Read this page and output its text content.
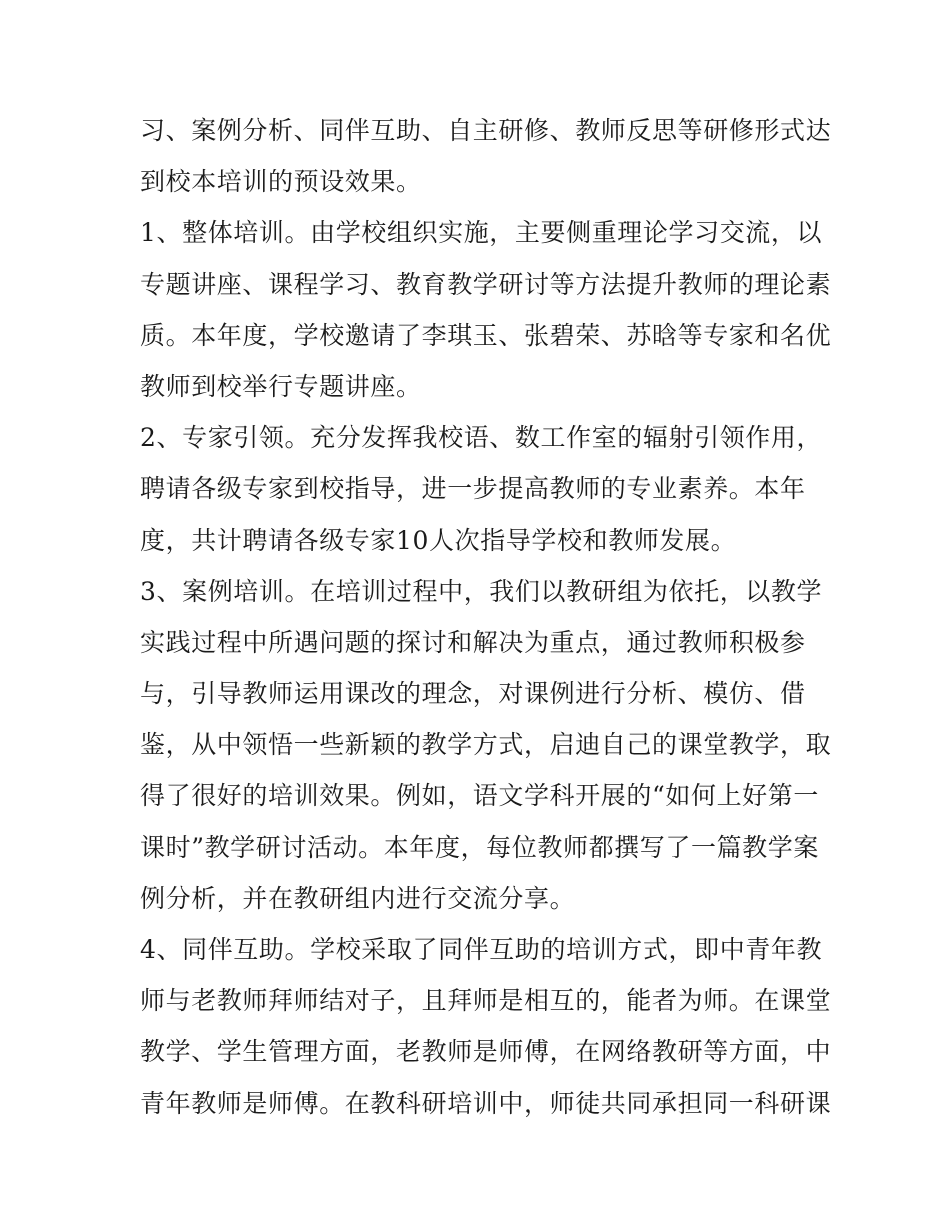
习、案例分析、同伴互助、自主研修、教师反思等研修形式达
到校本培训的预设效果。
1、整体培训。由学校组织实施，主要侧重理论学习交流，以
专题讲座、课程学习、教育教学研讨等方法提升教师的理论素
质。本年度，学校邀请了李琪玉、张碧荣、苏晗等专家和名优
教师到校举行专题讲座。
2、专家引领。充分发挥我校语、数工作室的辐射引领作用，
聘请各级专家到校指导，进一步提高教师的专业素养。本年
度，共计聘请各级专家10人次指导学校和教师发展。
3、案例培训。在培训过程中，我们以教研组为依托，以教学
实践过程中所遇问题的探讨和解决为重点，通过教师积极参
与，引导教师运用课改的理念，对课例进行分析、模仿、借
鉴，从中领悟一些新颖的教学方式，启迪自己的课堂教学，取
得了很好的培训效果。例如，语文学科开展的“如何上好第一
课时”教学研讨活动。本年度，每位教师都撰写了一篇教学案
例分析，并在教研组内进行交流分享。
4、同伴互助。学校采取了同伴互助的培训方式，即中青年教
师与老教师拜师结对子，且拜师是相互的，能者为师。在课堂
教学、学生管理方面，老教师是师傅，在网络教研等方面，中
青年教师是师傅。在教科研培训中，师徒共同承担同一科研课
